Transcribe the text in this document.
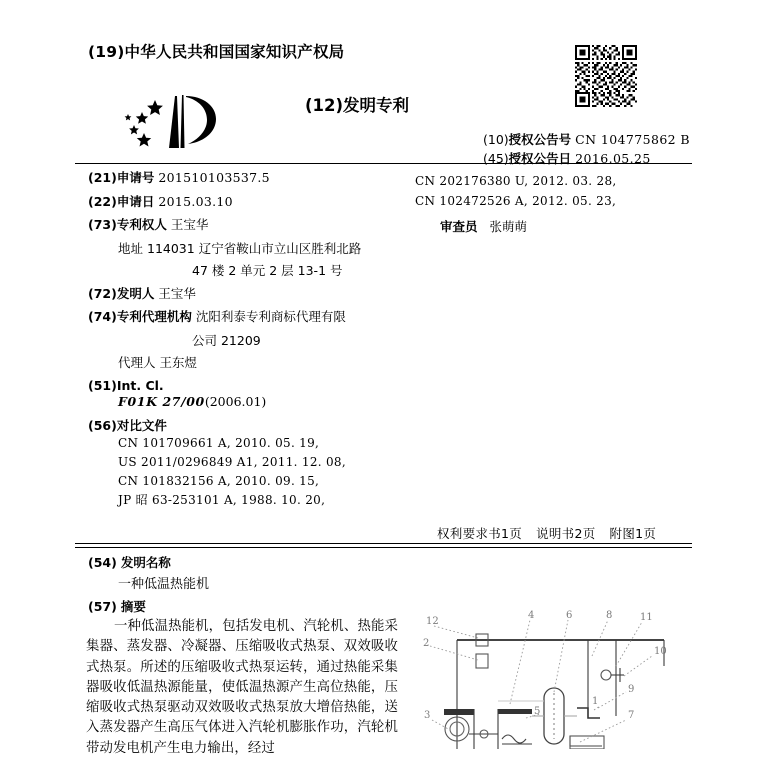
(19)中华人民共和国国家知识产权局
(12)发明专利
(10)授权公告号 CN 104775862 B
(45)授权公告日 2016.05.25
(21)申请号 201510103537.5
(22)申请日 2015.03.10
(73)专利权人 王宝华
地址 114031 辽宁省鞍山市立山区胜利北路
47 楼 2 单元 2 层 13-1 号
(72)发明人 王宝华
(74)专利代理机构 沈阳利泰专利商标代理有限
公司 21209
代理人 王东煜
(51)Int. Cl.
F01K 27/00(2006.01)
(56)对比文件
CN 101709661 A, 2010. 05. 19,
US 2011/0296849 A1, 2011. 12. 08,
CN 101832156 A, 2010. 09. 15,
JP 昭 63-253101 A, 1988. 10. 20,
CN 202176380 U, 2012. 03. 28,
CN 102472526 A, 2012. 05. 23,
审查员 张萌萌
权利要求书1页 说明书2页 附图1页
(54) 发明名称
一种低温热能机
(57) 摘要
一种低温热能机，包括发电机、汽轮机、热能采集器、蒸发器、冷凝器、压缩吸收式热泵、双效吸收式热泵。所述的压缩吸收式热泵运转，通过热能采集器吸收低温热源能量，使低温热源产生高位热能，压缩吸收式热泵驱动双效吸收式热泵放大增倍热能，送入蒸发器产生高压气体进入汽轮机膨胀作功，汽轮机带动发电机产生电力输出，经过
12
2
4	6	8	11
10
9
3	5	7
1
